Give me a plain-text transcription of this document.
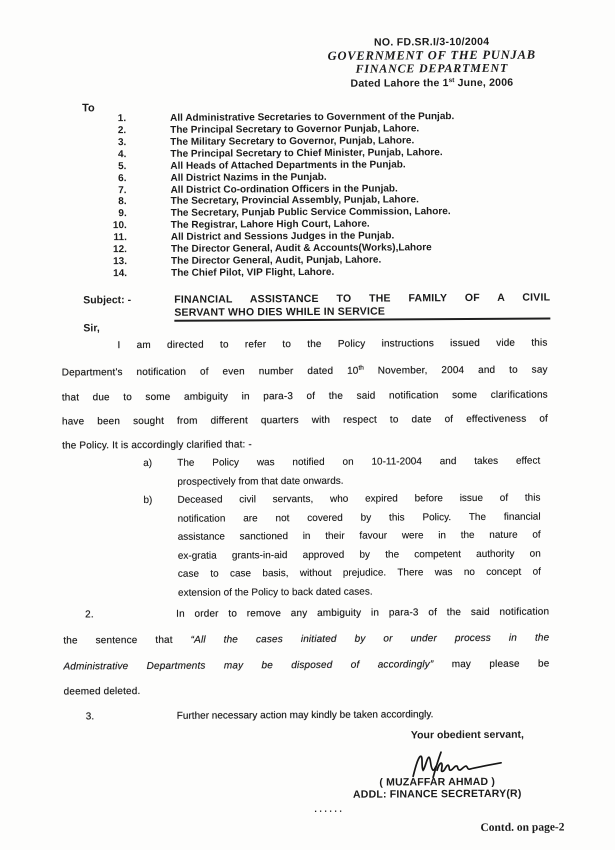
NO. FD.SR.I/3-10/2004
GOVERNMENT OF THE PUNJAB
FINANCE DEPARTMENT
Dated Lahore the 1st June, 2006
To
1.	All Administrative Secretaries to Government of the Punjab.
2.	The Principal Secretary to Governor Punjab, Lahore.
3.	The Military Secretary to Governor, Punjab, Lahore.
4.	The Principal Secretary to Chief Minister, Punjab, Lahore.
5.	All Heads of Attached Departments in the Punjab.
6.	All District Nazims in the Punjab.
7.	All District Co-ordination Officers in the Punjab.
8.	The Secretary, Provincial Assembly, Punjab, Lahore.
9.	The Secretary, Punjab Public Service Commission, Lahore.
10.	The Registrar, Lahore High Court, Lahore.
11.	All District and Sessions Judges in the Punjab.
12.	The Director General, Audit & Accounts(Works),Lahore
13.	The Director General, Audit, Punjab, Lahore.
14.	The Chief Pilot, VIP Flight, Lahore.
Subject: -	FINANCIAL ASSISTANCE TO THE FAMILY OF A CIVIL
SERVANT WHO DIES WHILE IN SERVICE
Sir,
I am directed to refer to the Policy instructions issued vide this
Department's notification of even number dated 10th November, 2004 and to say
that due to some ambiguity in para-3 of the said notification some clarifications
have been sought from different quarters with respect to date of effectiveness of
the Policy. It is accordingly clarified that: -
a)	The Policy was notified on 10-11-2004 and takes effect
prospectively from that date onwards.
b)	Deceased civil servants, who expired before issue of this
notification are not covered by this Policy. The financial
assistance sanctioned in their favour were in the nature of
ex-gratia grants-in-aid approved by the competent authority on
case to case basis, without prejudice. There was no concept of
extension of the Policy to back dated cases.
2.	In order to remove any ambiguity in para-3 of the said notification
the sentence that “All the cases initiated by or under process in the
Administrative Departments may be disposed of accordingly” may please be
deemed deleted.
3.	Further necessary action may kindly be taken accordingly.
Your obedient servant,
( MUZAFFAR AHMAD )
ADDL: FINANCE SECRETARY(R)
......
Contd. on page-2
